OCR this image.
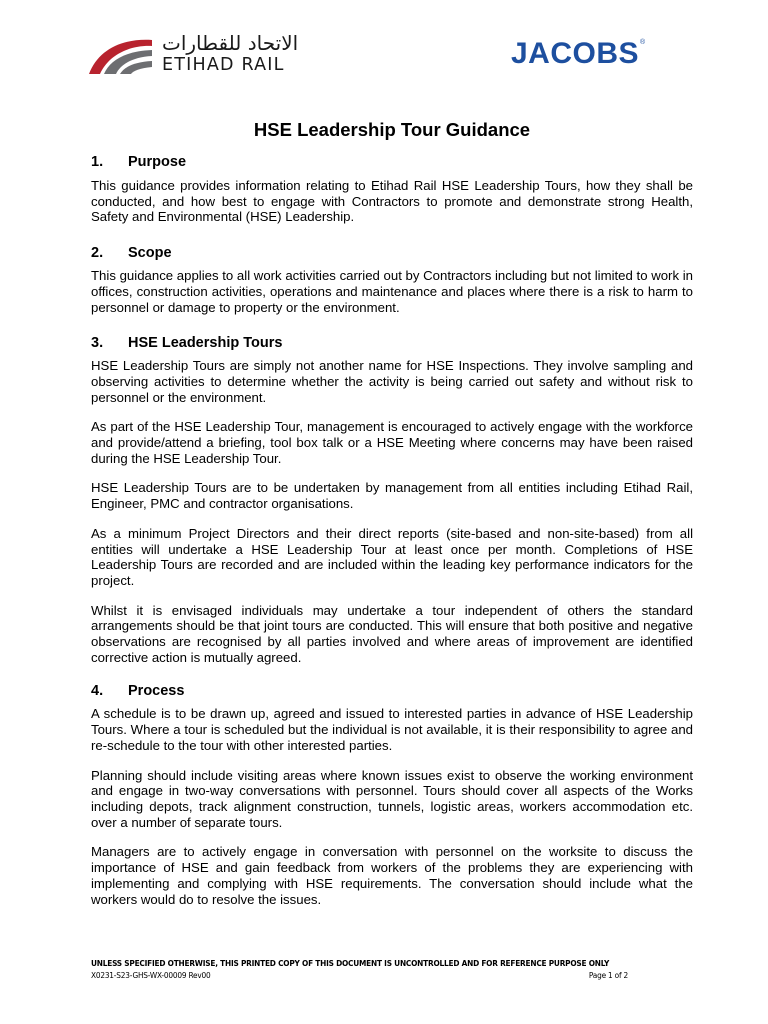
الاتحاد للقطارات
ETIHAD RAIL	JACOBS®
HSE Leadership Tour Guidance
1.	Purpose

This guidance provides information relating to Etihad Rail HSE Leadership Tours, how they shall be conducted, and how best to engage with Contractors to promote and demonstrate strong Health, Safety and Environmental (HSE) Leadership.

2.	Scope

This guidance applies to all work activities carried out by Contractors including but not limited to work in offices, construction activities, operations and maintenance and places where there is a risk to harm to personnel or damage to property or the environment.

3.	HSE Leadership Tours

HSE Leadership Tours are simply not another name for HSE Inspections. They involve sampling and observing activities to determine whether the activity is being carried out safety and without risk to personnel or the environment.

As part of the HSE Leadership Tour, management is encouraged to actively engage with the workforce and provide/attend a briefing, tool box talk or a HSE Meeting where concerns may have been raised during the HSE Leadership Tour.

HSE Leadership Tours are to be undertaken by management from all entities including Etihad Rail, Engineer, PMC and contractor organisations.

As a minimum Project Directors and their direct reports (site-based and non-site-based) from all entities will undertake a HSE Leadership Tour at least once per month. Completions of HSE Leadership Tours are recorded and are included within the leading key performance indicators for the project.

Whilst it is envisaged individuals may undertake a tour independent of others the standard arrangements should be that joint tours are conducted. This will ensure that both positive and negative observations are recognised by all parties involved and where areas of improvement are identified corrective action is mutually agreed.

4.	Process

A schedule is to be drawn up, agreed and issued to interested parties in advance of HSE Leadership Tours. Where a tour is scheduled but the individual is not available, it is their responsibility to agree and re-schedule to the tour with other interested parties.

Planning should include visiting areas where known issues exist to observe the working environment and engage in two-way conversations with personnel. Tours should cover all aspects of the Works including depots, track alignment construction, tunnels, logistic areas, workers accommodation etc. over a number of separate tours.

Managers are to actively engage in conversation with personnel on the worksite to discuss the importance of HSE and gain feedback from workers of the problems they are experiencing with implementing and complying with HSE requirements. The conversation should include what the workers would do to resolve the issues.

UNLESS SPECIFIED OTHERWISE, THIS PRINTED COPY OF THIS DOCUMENT IS UNCONTROLLED AND FOR REFERENCE PURPOSE ONLY
X0231-S23-GHS-WX-00009 Rev00	Page 1 of 2
